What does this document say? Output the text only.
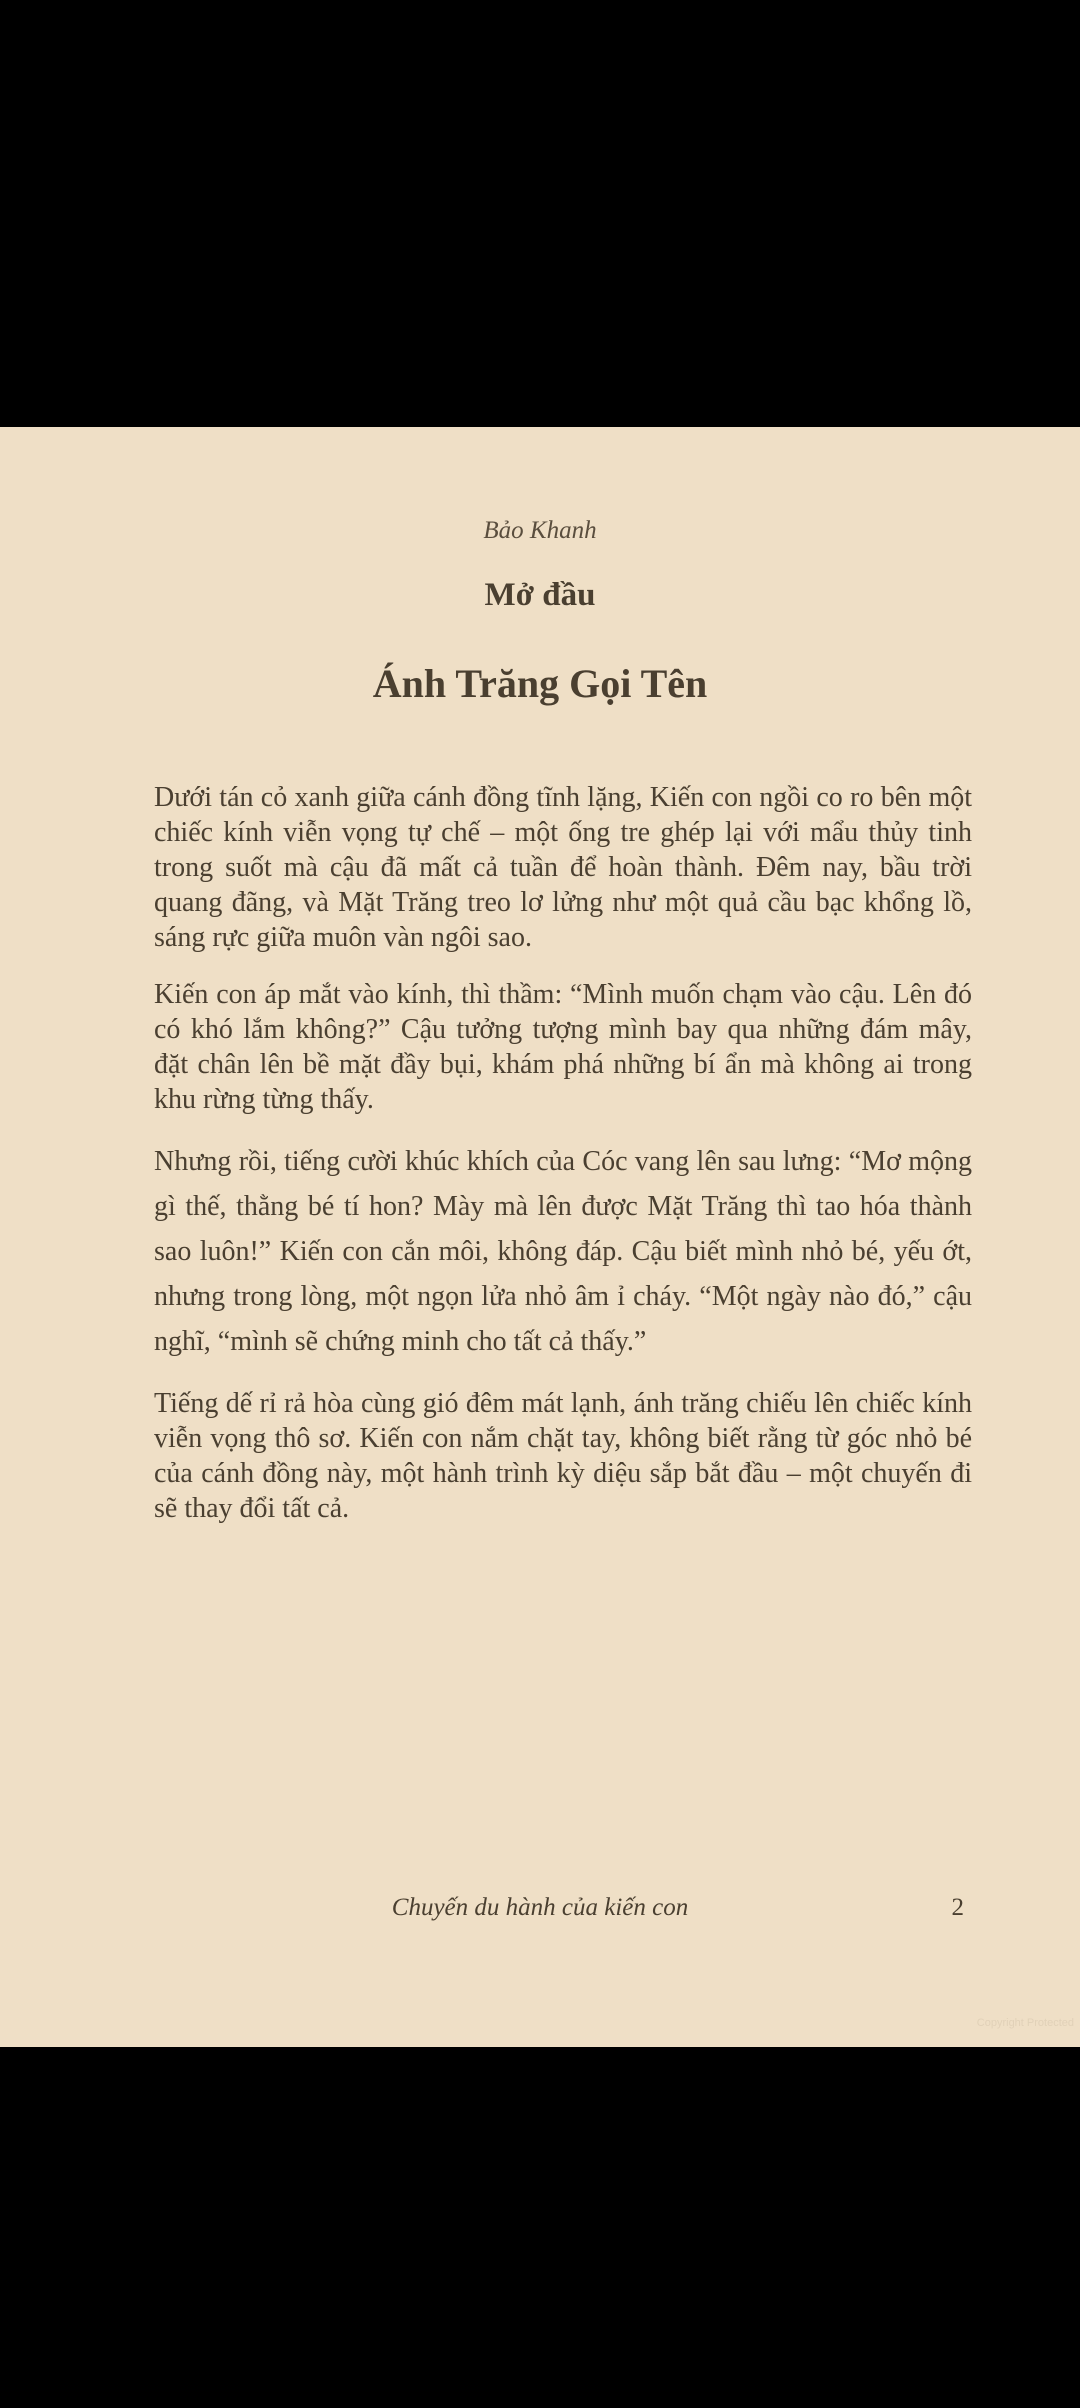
Bảo Khanh
Mở đầu
Ánh Trăng Gọi Tên

Dưới tán cỏ xanh giữa cánh đồng tĩnh lặng, Kiến con ngồi co ro bên một chiếc kính viễn vọng tự chế – một ống tre ghép lại với mẩu thủy tinh trong suốt mà cậu đã mất cả tuần để hoàn thành. Đêm nay, bầu trời quang đãng, và Mặt Trăng treo lơ lửng như một quả cầu bạc khổng lồ, sáng rực giữa muôn vàn ngôi sao.

Kiến con áp mắt vào kính, thì thầm: “Mình muốn chạm vào cậu. Lên đó có khó lắm không?” Cậu tưởng tượng mình bay qua những đám mây, đặt chân lên bề mặt đầy bụi, khám phá những bí ẩn mà không ai trong khu rừng từng thấy.

Nhưng rồi, tiếng cười khúc khích của Cóc vang lên sau lưng: “Mơ mộng gì thế, thằng bé tí hon? Mày mà lên được Mặt Trăng thì tao hóa thành sao luôn!” Kiến con cắn môi, không đáp. Cậu biết mình nhỏ bé, yếu ớt, nhưng trong lòng, một ngọn lửa nhỏ âm ỉ cháy. “Một ngày nào đó,” cậu nghĩ, “mình sẽ chứng minh cho tất cả thấy.”

Tiếng dế rỉ rả hòa cùng gió đêm mát lạnh, ánh trăng chiếu lên chiếc kính viễn vọng thô sơ. Kiến con nắm chặt tay, không biết rằng từ góc nhỏ bé của cánh đồng này, một hành trình kỳ diệu sắp bắt đầu – một chuyến đi sẽ thay đổi tất cả.

Chuyến du hành của kiến con	2
Copyright Protected
